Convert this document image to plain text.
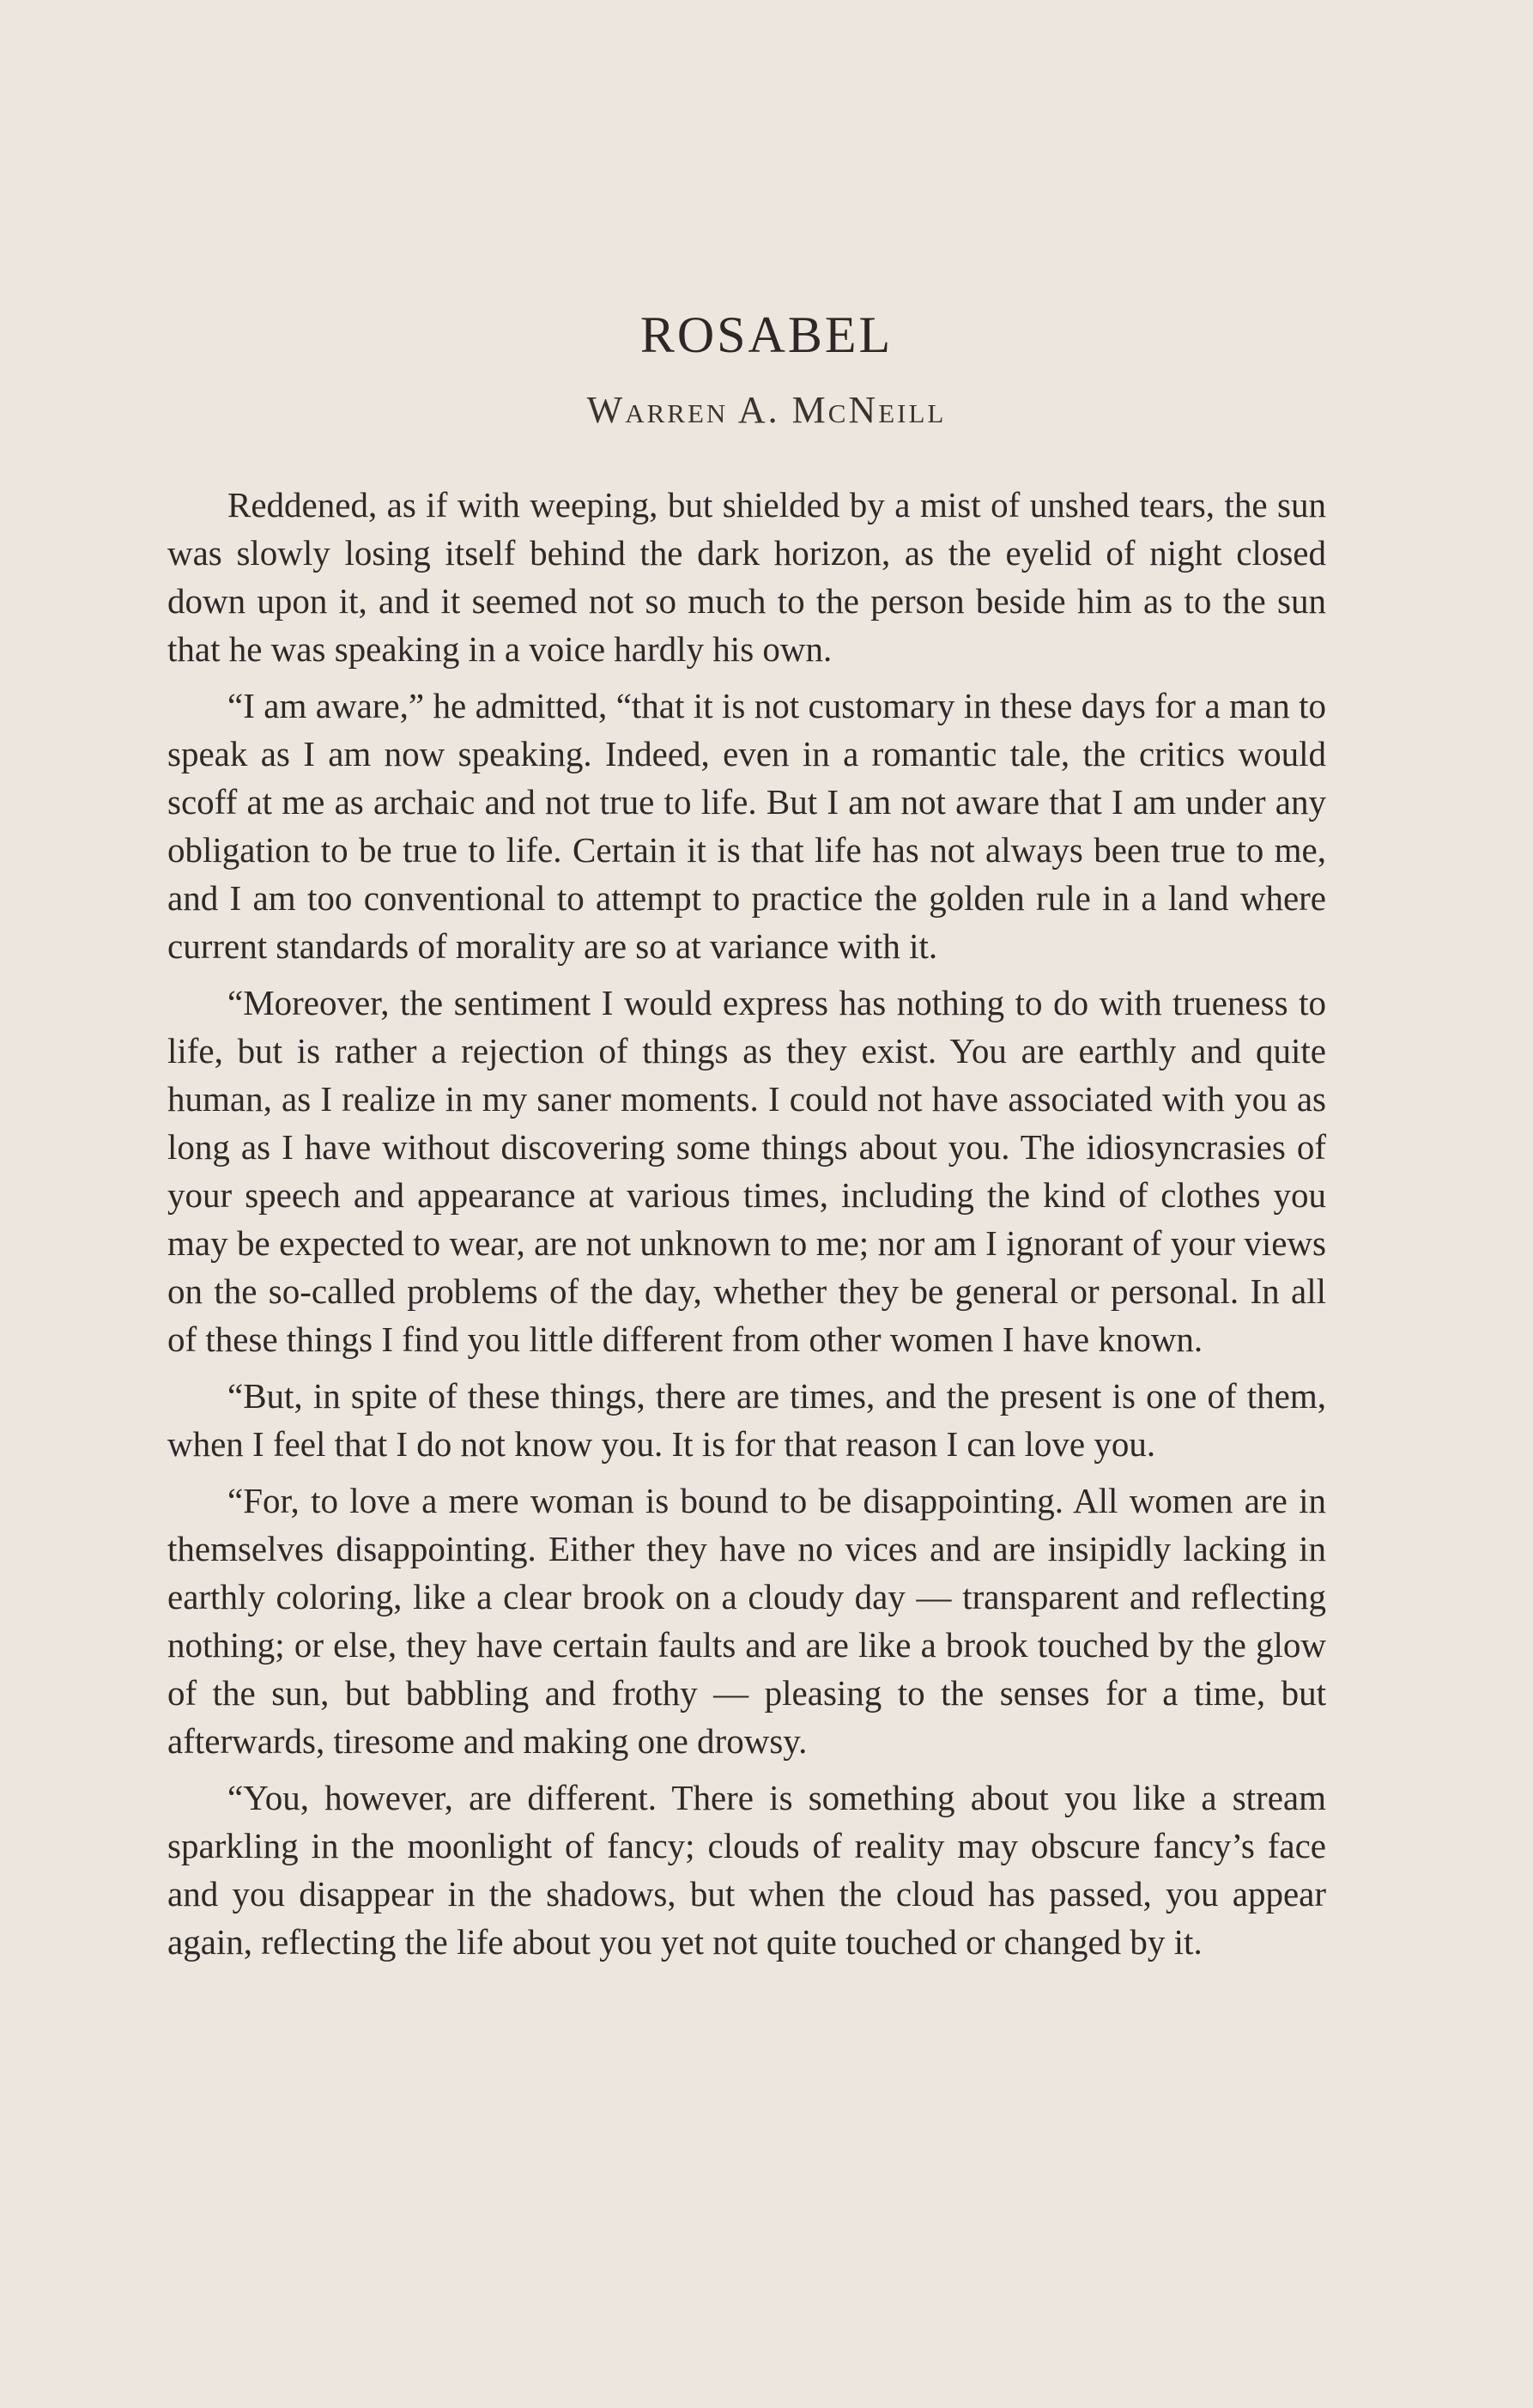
ROSABEL
Warren A. McNeill

Reddened, as if with weeping, but shielded by a mist of unshed tears, the sun was slowly losing itself behind the dark horizon, as the eyelid of night closed down upon it, and it seemed not so much to the person beside him as to the sun that he was speaking in a voice hardly his own.

“I am aware,” he admitted, “that it is not customary in these days for a man to speak as I am now speaking. Indeed, even in a romantic tale, the critics would scoff at me as archaic and not true to life. But I am not aware that I am under any obligation to be true to life. Certain it is that life has not always been true to me, and I am too conventional to attempt to practice the golden rule in a land where current standards of morality are so at variance with it.

“Moreover, the sentiment I would express has nothing to do with trueness to life, but is rather a rejection of things as they exist. You are earthly and quite human, as I realize in my saner moments. I could not have associated with you as long as I have without discovering some things about you. The idiosyncrasies of your speech and appearance at various times, including the kind of clothes you may be expected to wear, are not unknown to me; nor am I ignorant of your views on the so-called problems of the day, whether they be general or personal. In all of these things I find you little different from other women I have known.

“But, in spite of these things, there are times, and the present is one of them, when I feel that I do not know you. It is for that reason I can love you.

“For, to love a mere woman is bound to be disappointing. All women are in themselves disappointing. Either they have no vices and are insipidly lacking in earthly coloring, like a clear brook on a cloudy day — transparent and reflecting nothing; or else, they have certain faults and are like a brook touched by the glow of the sun, but babbling and frothy — pleasing to the senses for a time, but afterwards, tiresome and making one drowsy.

“You, however, are different. There is something about you like a stream sparkling in the moonlight of fancy; clouds of reality may obscure fancy’s face and you disappear in the shadows, but when the cloud has passed, you appear again, reflecting the life about you yet not quite touched or changed by it.
